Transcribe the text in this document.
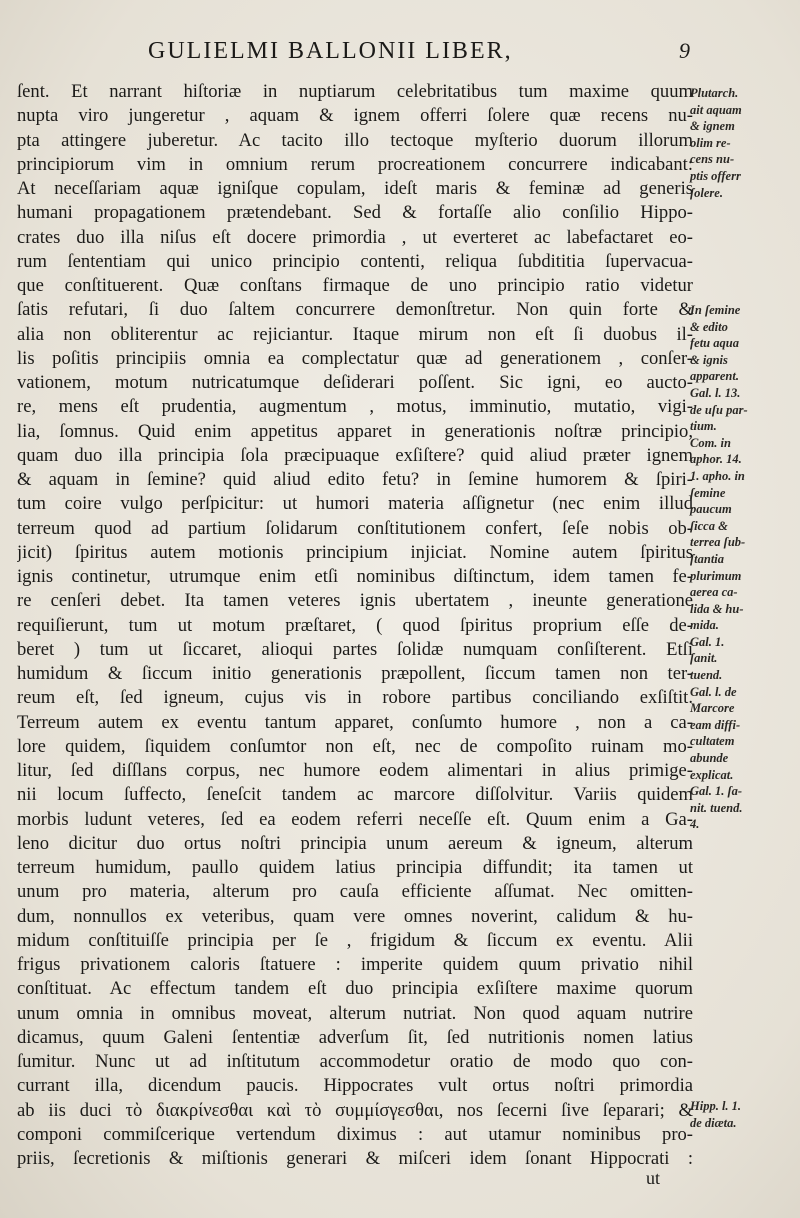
GULIELMI BALLONII LIBER,	9
ſent. Et narrant hiſtoriæ in nuptiarum celebritatibus tum maxime quum
nupta viro jungeretur , aquam & ignem offerri ſolere quæ recens nu-
pta attingere juberetur. Ac tacito illo tectoque myſterio duorum illorum
principiorum vim in omnium rerum procreationem concurrere indicabant:
At neceſſariam aquæ igniſque copulam, ideſt maris & feminæ ad generis
humani propagationem prætendebant. Sed & fortaſſe alio conſilio Hippo-
crates duo illa niſus eſt docere primordia , ut everteret ac labefactaret eo-
rum ſententiam qui unico principio contenti, reliqua ſubdititia ſupervacua-
que conſtituerent. Quæ conſtans firmaque de uno principio ratio videtur
ſatis refutari, ſi duo ſaltem concurrere demonſtretur. Non quin forte &
alia non obliterentur ac rejiciantur. Itaque mirum non eſt ſi duobus il-
lis poſitis principiis omnia ea complectatur quæ ad generationem , conſer-
vationem, motum nutricatumque deſiderari poſſent. Sic igni, eo aucto-
re, mens eſt prudentia, augmentum , motus, imminutio, mutatio, vigi-
lia, ſomnus. Quid enim appetitus apparet in generationis noſtræ principio,
quam duo illa principia ſola præcipuaque exſiſtere? quid aliud præter ignem
& aquam in ſemine? quid aliud edito fetu? in ſemine humorem & ſpiri-
tum coire vulgo perſpicitur: ut humori materia aſſignetur (nec enim illud
terreum quod ad partium ſolidarum conſtitutionem confert, ſeſe nobis ob-
jicit) ſpiritus autem motionis principium injiciat. Nomine autem ſpiritus
ignis continetur, utrumque enim etſi nominibus diſtinctum, idem tamen fe-
re cenſeri debet. Ita tamen veteres ignis ubertatem , ineunte generatione
requiſierunt, tum ut motum præſtaret, ( quod ſpiritus proprium eſſe de-
beret ) tum ut ſiccaret, alioqui partes ſolidæ numquam conſiſterent. Etſi
humidum & ſiccum initio generationis præpollent, ſiccum tamen non ter-
reum eſt, ſed igneum, cujus vis in robore partibus conciliando exſiſtit.
Terreum autem ex eventu tantum apparet, conſumto humore , non a ca-
lore quidem, ſiquidem conſumtor non eſt, nec de compoſito ruinam mo-
litur, ſed diſſlans corpus, nec humore eodem alimentari in alius primige-
nii locum ſuffecto, ſeneſcit tandem ac marcore diſſolvitur. Variis quidem
morbis ludunt veteres, ſed ea eodem referri neceſſe eſt. Quum enim a Ga-
leno dicitur duo ortus noſtri principia unum aereum & igneum, alterum
terreum humidum, paullo quidem latius principia diffundit; ita tamen ut
unum pro materia, alterum pro cauſa efficiente aſſumat. Nec omitten-
dum, nonnullos ex veteribus, quam vere omnes noverint, calidum & hu-
midum conſtituiſſe principia per ſe , frigidum & ſiccum ex eventu. Alii
frigus privationem caloris ſtatuere : imperite quidem quum privatio nihil
conſtituat. Ac effectum tandem eſt duo principia exſiſtere maxime quorum
unum omnia in omnibus moveat, alterum nutriat. Non quod aquam nutrire
dicamus, quum Galeni ſententiæ adverſum ſit, ſed nutritionis nomen latius
ſumitur. Nunc ut ad inſtitutum accommodetur oratio de modo quo con-
currant illa, dicendum paucis. Hippocrates vult ortus noſtri primordia
ab iis duci τὸ διακρίνεσθαι καὶ τὸ συμμίσγεσθαι, nos ſecerni ſive ſeparari; &
componi commiſcerique vertendum diximus : aut utamur nominibus pro-
priis, ſecretionis & miſtionis generari & miſceri idem ſonant Hippocrati :
Plutarch.
ait aquam
& ignem
olim re-
cens nu-
ptis offerr
ſolere.
In ſemine
& edito
fetu aqua
& ignis
apparent.
Gal. l. 13.
de uſu par-
tium.
Com. in
aphor. 14.
1. apho. in
ſemine
paucum
ſicca &
terrea ſub-
ſtantia
plurimum
aerea ca-
lida & hu-
mida.
Gal. 1.
ſanit.
tuend.
Gal. l. de
Marcore
eam diffi-
cultatem
abunde
explicat.
Gal. 1. ſa-
nit. tuend.
4.
Hipp. l. 1.
de diæta.
ut
